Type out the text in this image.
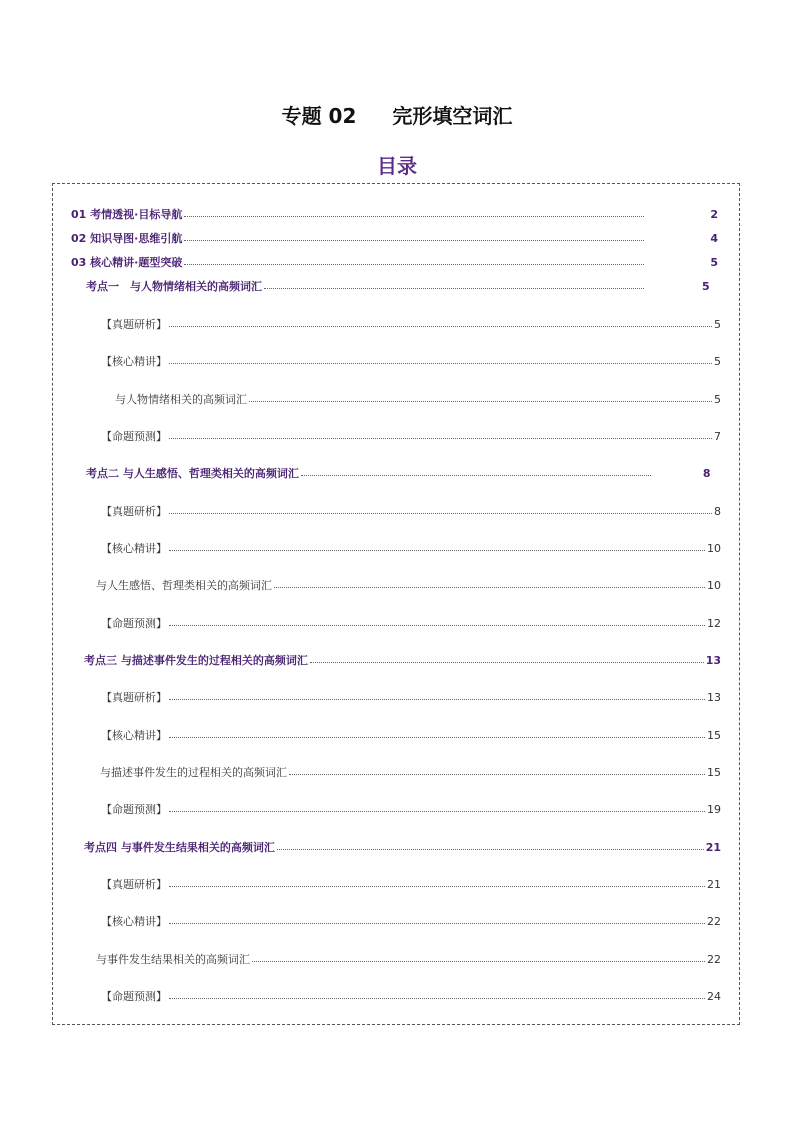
专题 02 完形填空词汇
目录
01 考情透视·目标导航	2
02 知识导图·思维引航	4
03 核心精讲·题型突破	5
考点一　与人物情绪相关的高频词汇	5
【真题研析】	5
【核心精讲】	5
与人物情绪相关的高频词汇	5
【命题预测】	7
考点二 与人生感悟、哲理类相关的高频词汇	8
【真题研析】	8
【核心精讲】	10
与人生感悟、哲理类相关的高频词汇	10
【命题预测】	12
考点三 与描述事件发生的过程相关的高频词汇	13
【真题研析】	13
【核心精讲】	15
与描述事件发生的过程相关的高频词汇	15
【命题预测】	19
考点四 与事件发生结果相关的高频词汇	21
【真题研析】	21
【核心精讲】	22
与事件发生结果相关的高频词汇	22
【命题预测】	24
